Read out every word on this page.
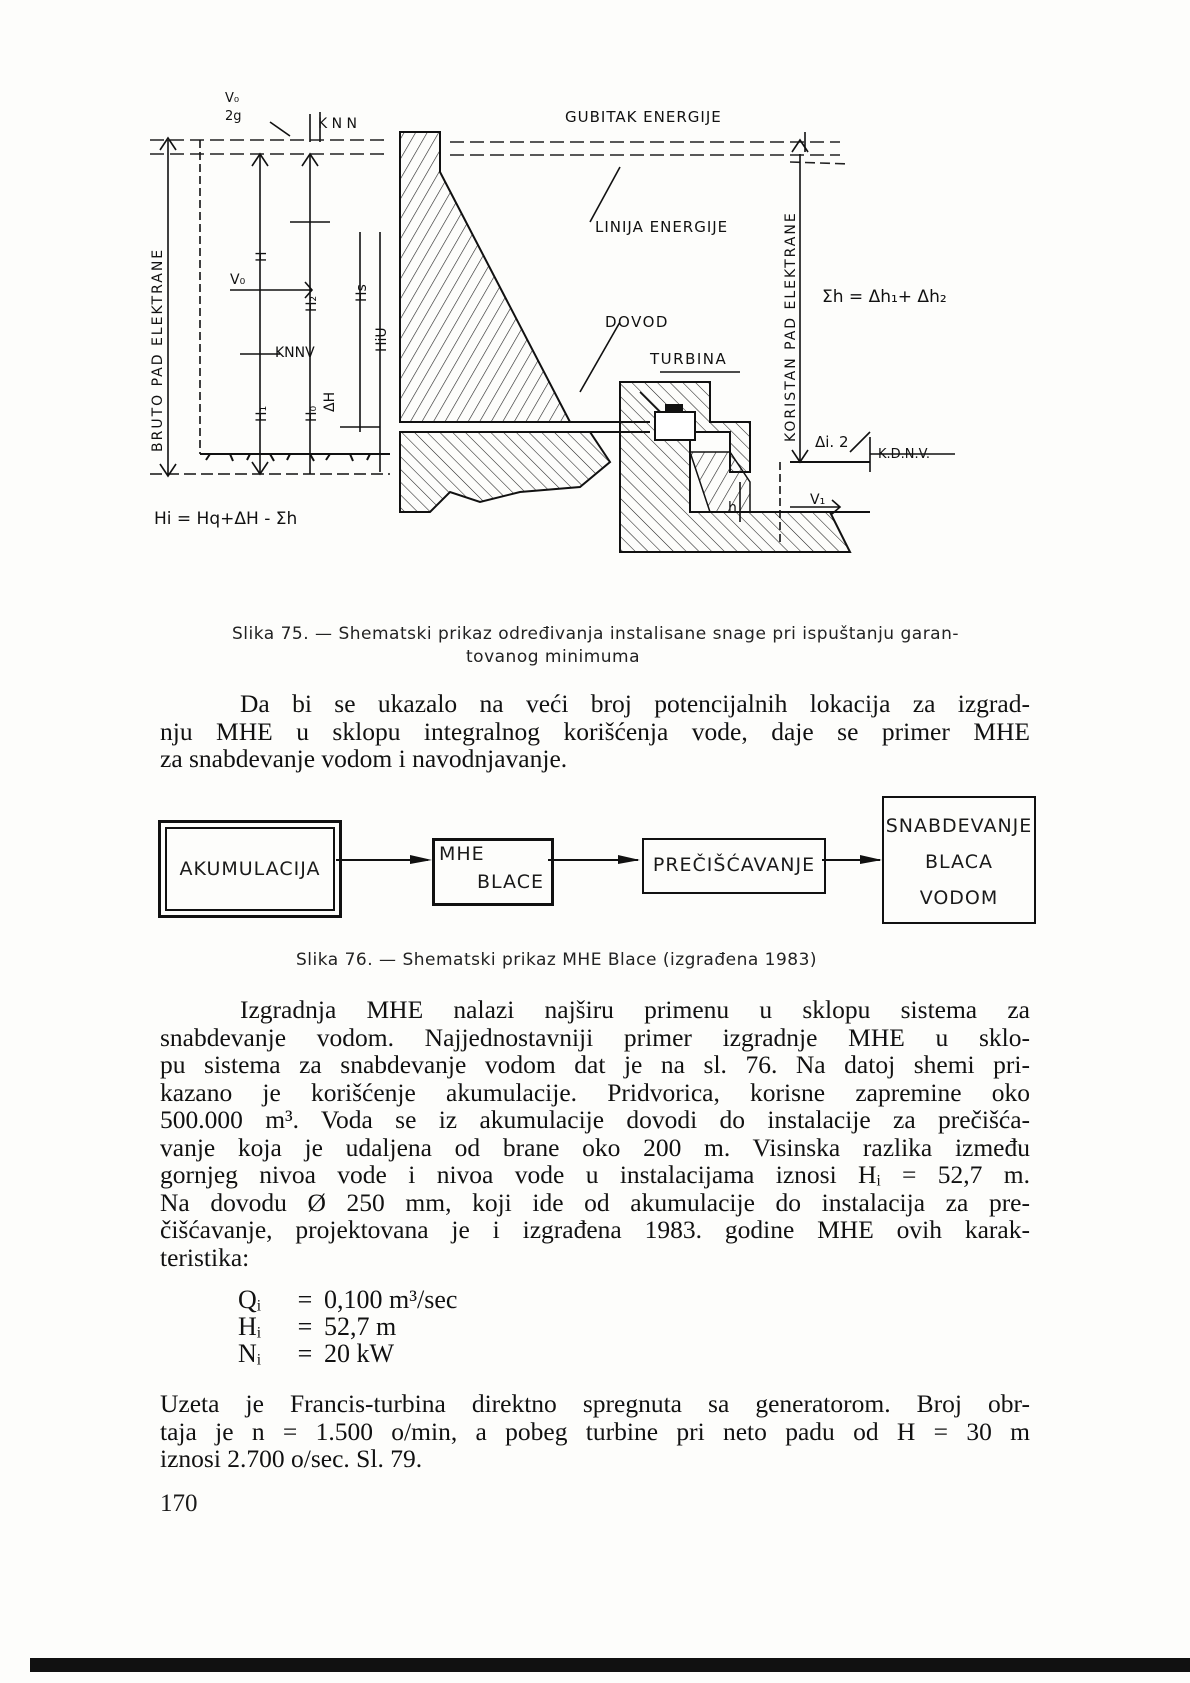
V₀
2g	K N N	GUBITAK ENERGIJE
LINIJA ENERGIJE
DOVOD
TURBINA
BRUTO PAD ELEKTRANE	KORISTAN PAD ELEKTRANE Σh = Δh₁+ Δh₂
KNNV
K.D.N.V.
V₀
V₁
Δi. 2
Hi = Hq+ΔH - Σh
H₁
H₂
H₀
ΔH
Hs
HiU
H
h
Slika 75. — Shematski prikaz određivanja instalisane snage pri ispuštanju garan-
tovanog minimuma
Da bi se ukazalo na veći broj potencijalnih lokacija za izgrad-
nju MHE u sklopu integralnog korišćenja vode, daje se primer MHE
za snabdevanje vodom i navodnjavanje.
AKUMULACIJA
MHE
BLACE
PREČIŠĆAVANJE
SNABDEVANJE
BLACA
VODOM
Slika 76. — Shematski prikaz MHE Blace (izgrađena 1983)
Izgradnja MHE nalazi najširu primenu u sklopu sistema za
snabdevanje vodom. Najjednostavniji primer izgradnje MHE u sklo-
pu sistema za snabdevanje vodom dat je na sl. 76. Na datoj shemi pri-
kazano je korišćenje akumulacije. Pridvorica, korisne zapremine oko
500.000 m³. Voda se iz akumulacije dovodi do instalacije za prečišća-
vanje koja je udaljena od brane oko 200 m. Visinska razlika između
gornjeg nivoa vode i nivoa vode u instalacijama iznosi Hᵢ = 52,7 m.
Na dovodu Ø 250 mm, koji ide od akumulacije do instalacija za pre-
čišćavanje, projektovana je i izgrađena 1983. godine MHE ovih karak-
teristika:
Qᵢ	= 0,100 m³/sec
Hᵢ	= 52,7 m
Nᵢ	= 20 kW
Uzeta je Francis-turbina direktno spregnuta sa generatorom. Broj obr-
taja je n = 1.500 o/min, a pobeg turbine pri neto padu od H = 30 m
iznosi 2.700 o/sec. Sl. 79.
170
